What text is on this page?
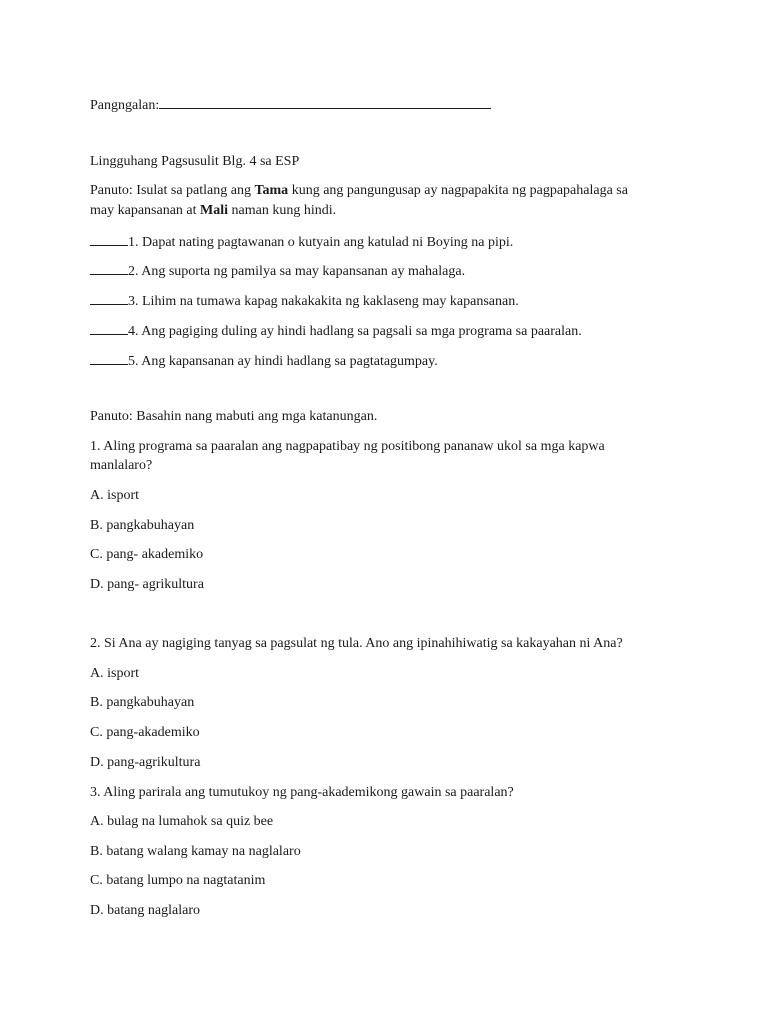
Pangngalan:
Lingguhang Pagsusulit Blg. 4 sa ESP
Panuto: Isulat sa patlang ang Tama kung ang pangungusap ay nagpapakita ng pagpapahalaga sa
may kapansanan at Mali naman kung hindi.
1. Dapat nating pagtawanan o kutyain ang katulad ni Boying na pipi.
2. Ang suporta ng pamilya sa may kapansanan ay mahalaga.
3. Lihim na tumawa kapag nakakakita ng kaklaseng may kapansanan.
4. Ang pagiging duling ay hindi hadlang sa pagsali sa mga programa sa paaralan.
5. Ang kapansanan ay hindi hadlang sa pagtatagumpay.
Panuto: Basahin nang mabuti ang mga katanungan.
1. Aling programa sa paaralan ang nagpapatibay ng positibong pananaw ukol sa mga kapwa
manlalaro?
A. isport
B. pangkabuhayan
C. pang- akademiko
D. pang- agrikultura
2. Si Ana ay nagiging tanyag sa pagsulat ng tula. Ano ang ipinahihiwatig sa kakayahan ni Ana?
A. isport
B. pangkabuhayan
C. pang-akademiko
D. pang-agrikultura
3. Aling parirala ang tumutukoy ng pang-akademikong gawain sa paaralan?
A. bulag na lumahok sa quiz bee
B. batang walang kamay na naglalaro
C. batang lumpo na nagtatanim
D. batang naglalaro
